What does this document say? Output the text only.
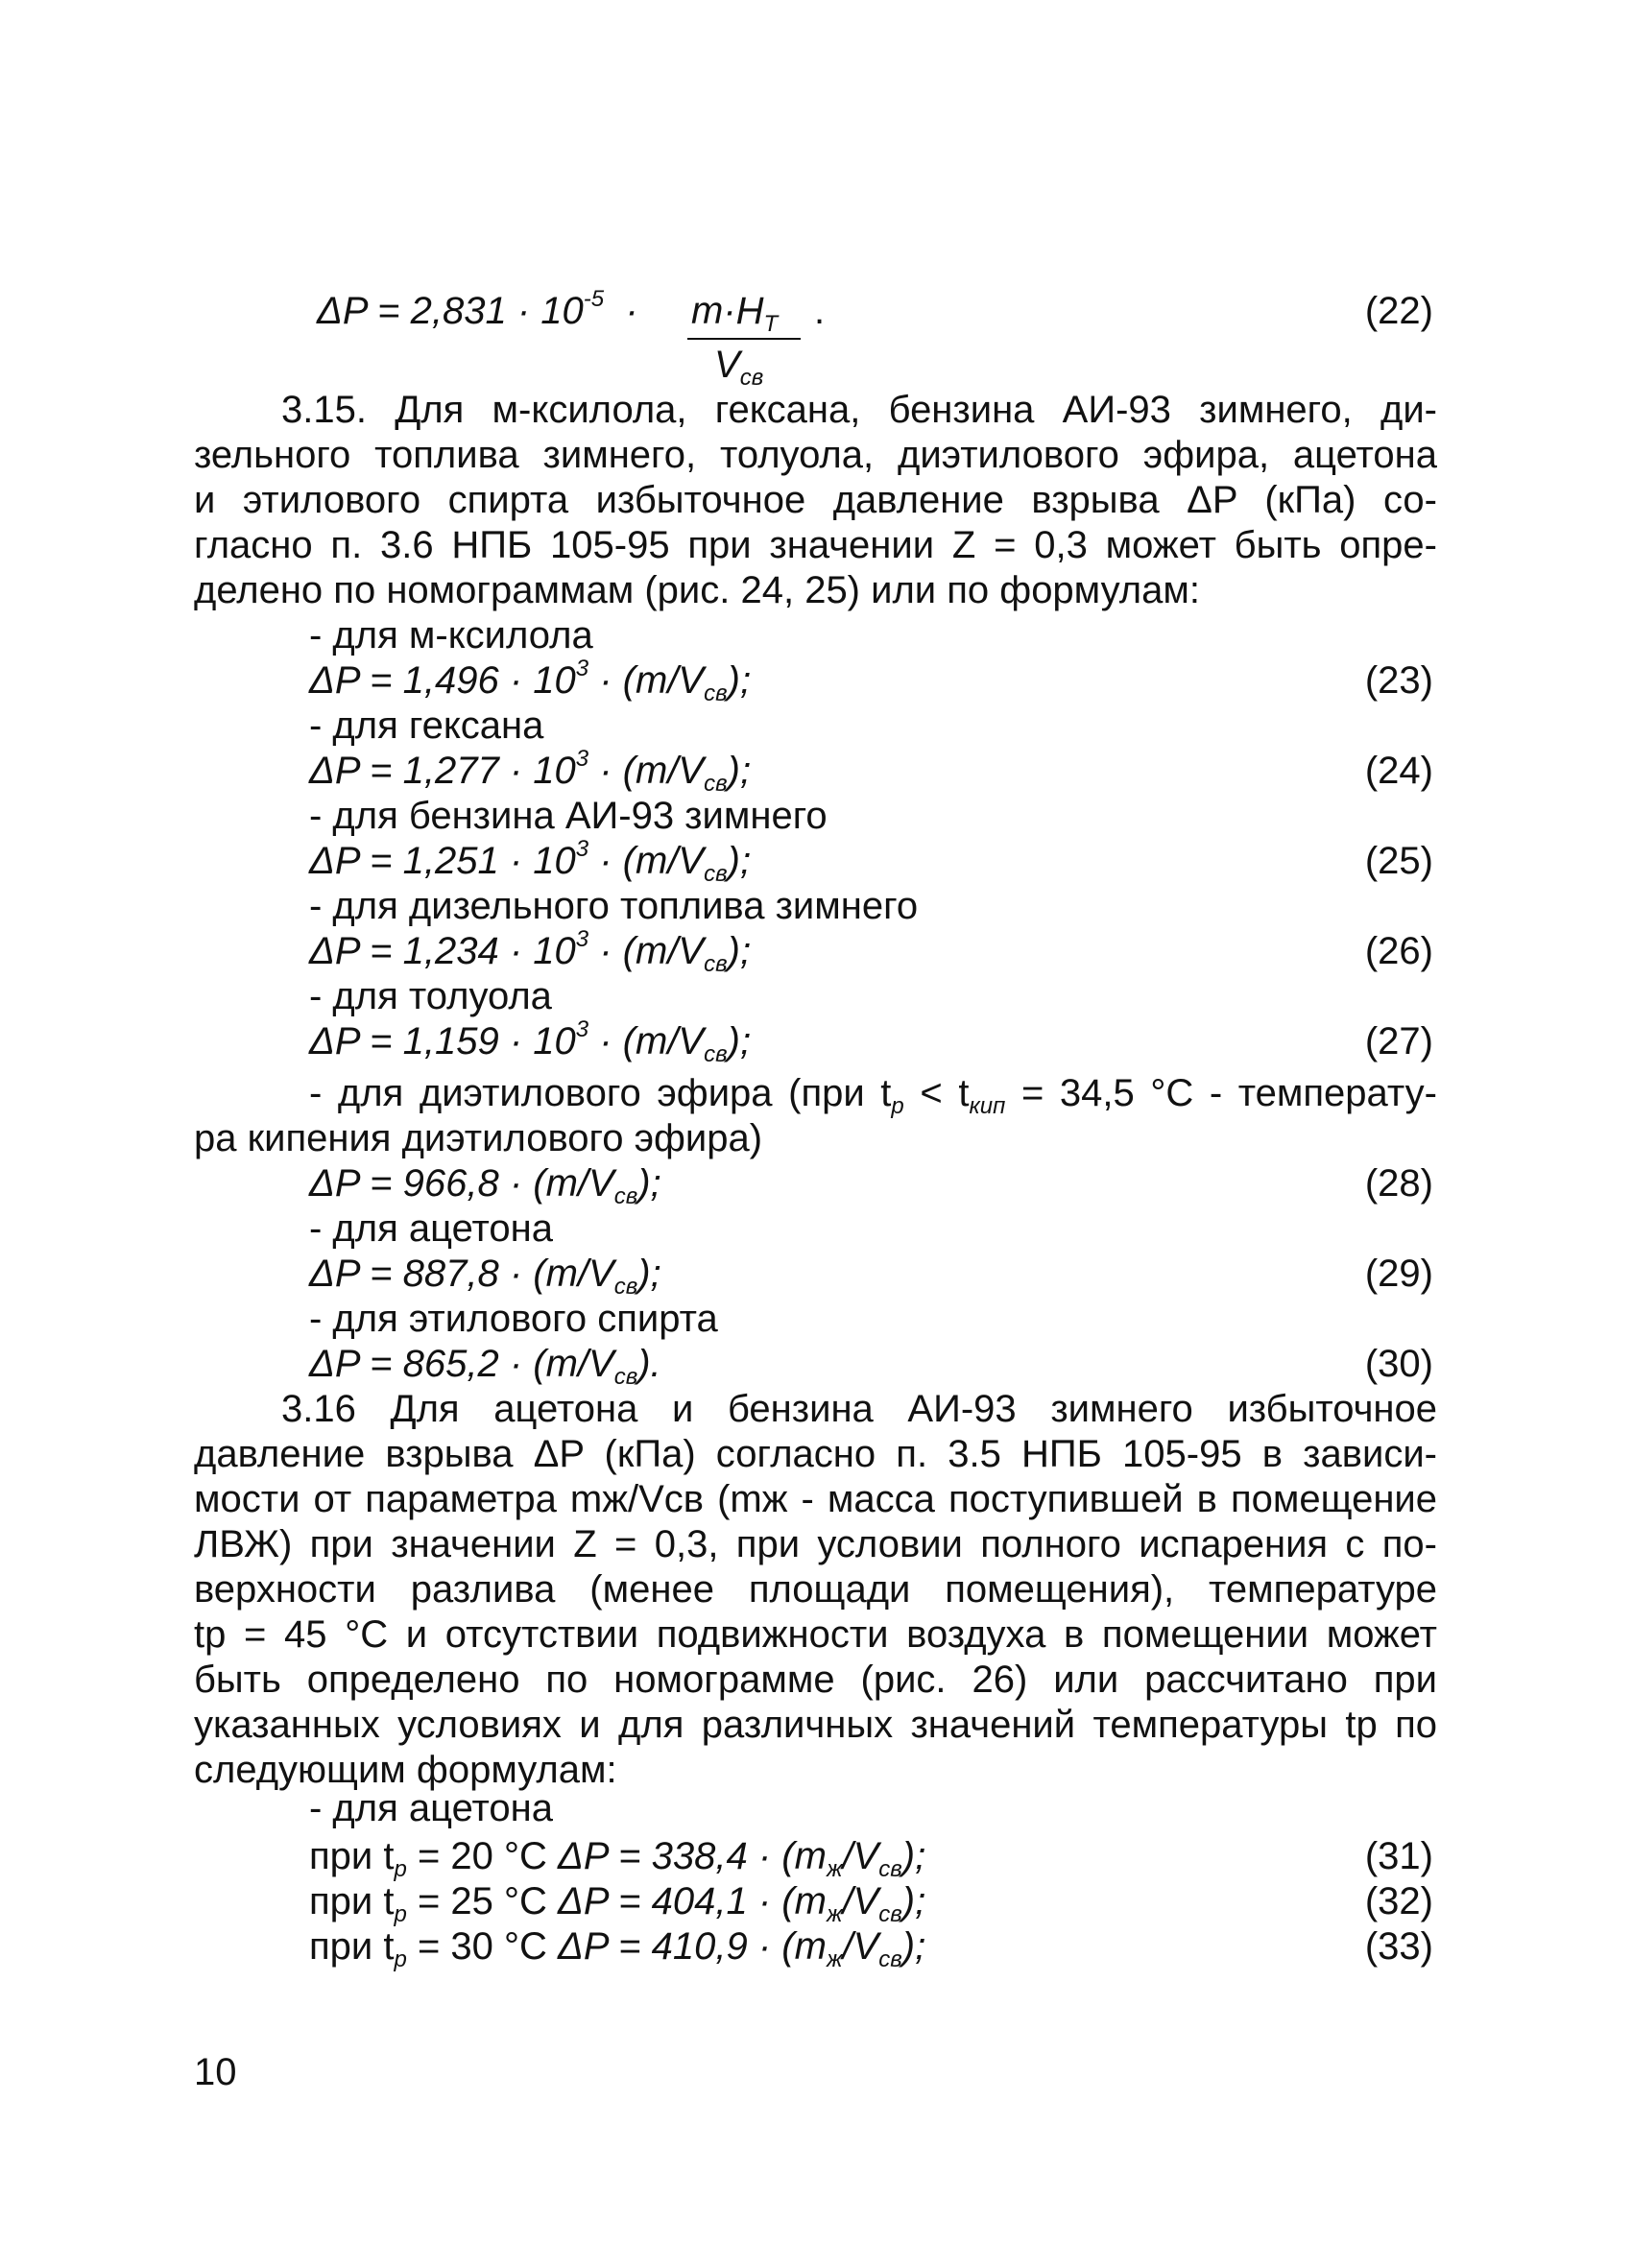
$\Delta P = 2,831 \cdot 10^{-5} \cdot m\cdot H_T$
$V_{св}$
.	(22)
3.15. Для м-ксилола, гексана, бензина АИ-93 зимнего, ди-
зельного топлива зимнего, толуола, диэтилового эфира, ацетона
и этилового спирта избыточное давление взрыва ΔP (кПа) со-
гласно п. 3.6 НПБ 105-95 при значении Z = 0,3 может быть опре-
делено по номограммам (рис. 24, 25) или по формулам:
- для м-ксилола
$\Delta P = 1,496 \cdot 10^3 \cdot (m/V_{св})$;	(23)
- для гексана
$\Delta P = 1,277 \cdot 10^3 \cdot (m/V_{св})$;	(24)
- для бензина АИ-93 зимнего
$\Delta P = 1,251 \cdot 10^3 \cdot (m/V_{св})$;	(25)
- для дизельного топлива зимнего
$\Delta P = 1,234 \cdot 10^3 \cdot (m/V_{св})$;	(26)
- для толуола
$\Delta P = 1,159 \cdot 10^3 \cdot (m/V_{св})$;	(27)
- для диэтилового эфира (при $t_р < t_{кип} = 34,5$ °С - температу-
ра кипения диэтилового эфира)
$\Delta P = 966,8 \cdot (m/V_{св})$;	(28)
- для ацетона
$\Delta P = 887,8 \cdot (m/V_{св})$;	(29)
- для этилового спирта
$\Delta P = 865,2 \cdot (m/V_{св})$.	(30)
3.16 Для ацетона и бензина АИ-93 зимнего избыточное
давление взрыва ΔP (кПа) согласно п. 3.5 НПБ 105-95 в зависи-
мости от параметра mж/Vсв (mж - масса поступившей в помещение
ЛВЖ) при значении Z = 0,3, при условии полного испарения с по-
верхности разлива (менее площади помещения), температуре
tр = 45 °С и отсутствии подвижности воздуха в помещении может
быть определено по номограмме (рис. 26) или рассчитано при
указанных условиях и для различных значений температуры tр по
следующим формулам:
- для ацетона
при $t_р = 20$ °С $\Delta P = 338,4 \cdot (m_ж/V_{св})$;	(31)
при $t_р = 25$ °С $\Delta P = 404,1 \cdot (m_ж/V_{св})$;	(32)
при $t_р = 30$ °С $\Delta P = 410,9 \cdot (m_ж/V_{св})$;	(33)
10
